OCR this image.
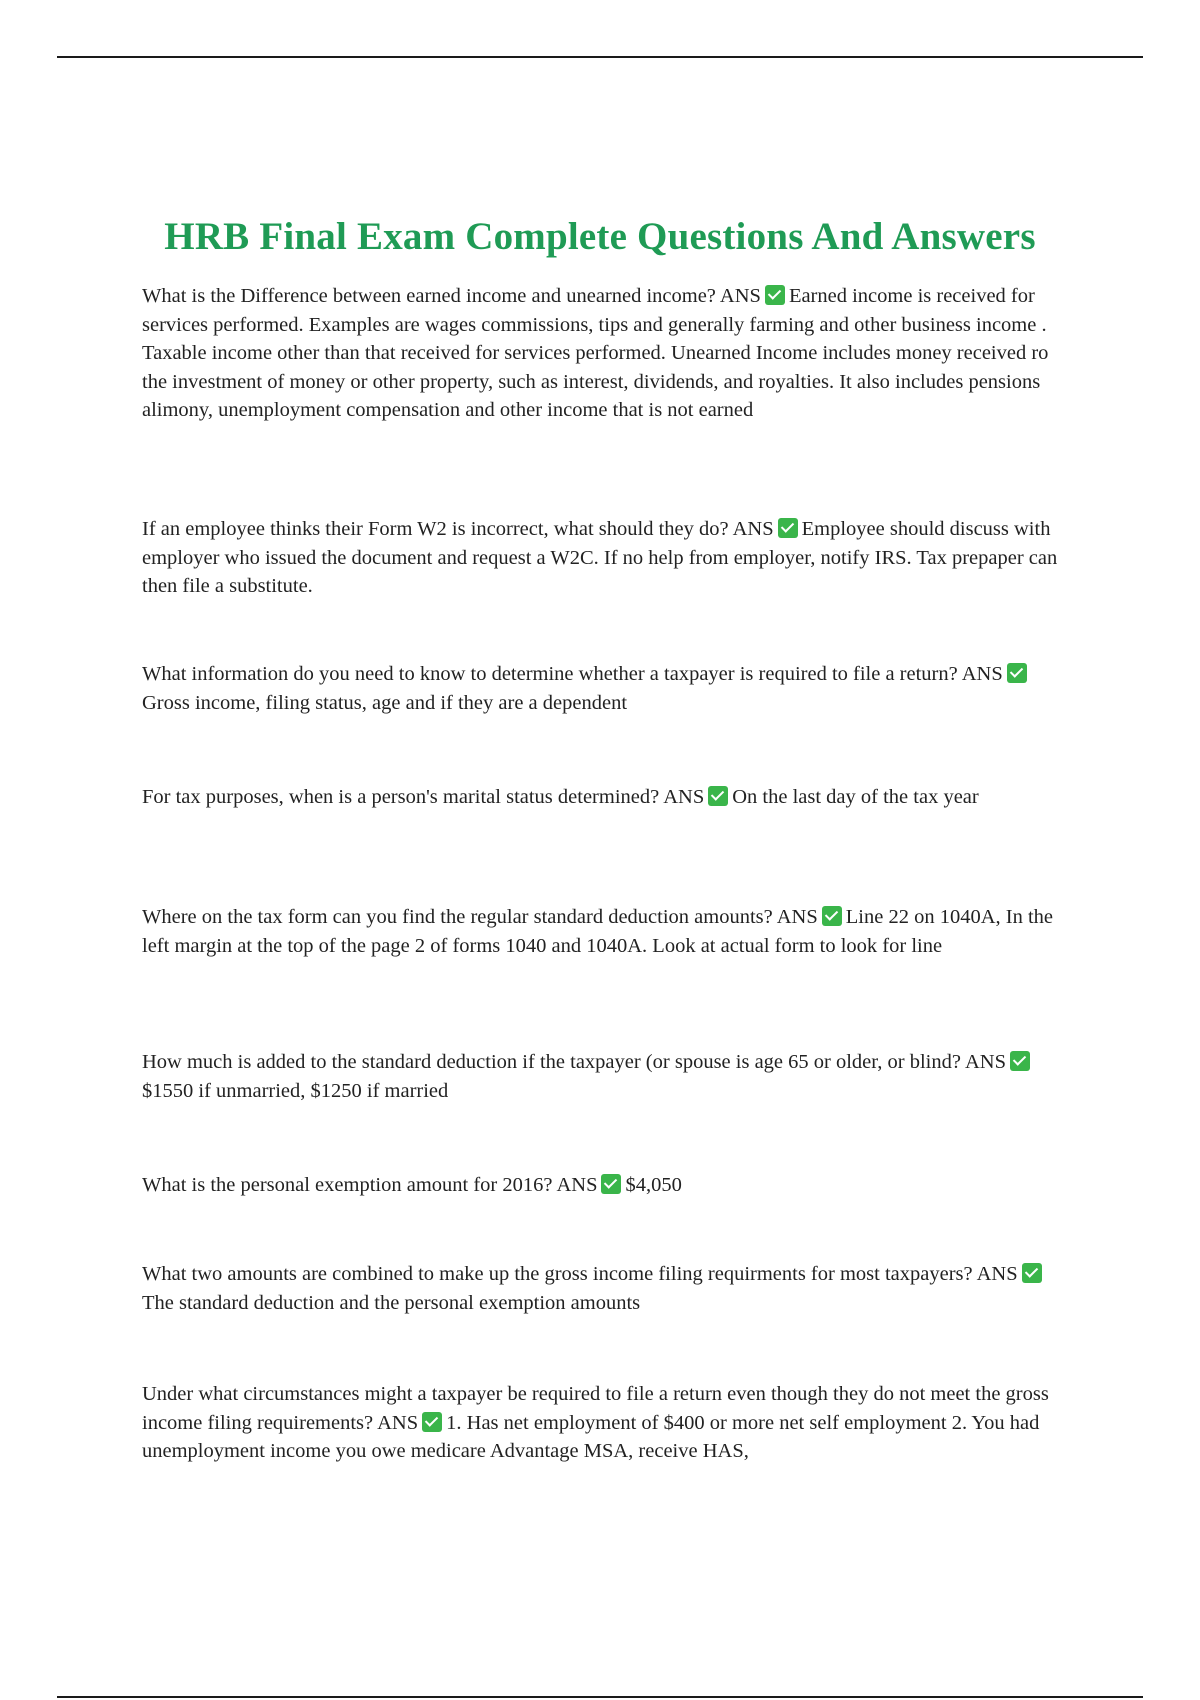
HRB Final Exam Complete Questions And Answers

What is the Difference between earned income and unearned income? ANS Earned income is received for services performed. Examples are wages commissions, tips and generally farming and other business income . Taxable income other than that received for services performed. Unearned Income includes money received ro the investment of money or other property, such as interest, dividends, and royalties. It also includes pensions alimony, unemployment compensation and other income that is not earned

If an employee thinks their Form W2 is incorrect, what should they do? ANS Employee should discuss with employer who issued the document and request a W2C. If no help from employer, notify IRS. Tax prepaper can then file a substitute.

What information do you need to know to determine whether a taxpayer is required to file a return? ANSGross income, filing status, age and if they are a dependent

For tax purposes, when is a person's marital status determined? ANS On the last day of the tax year

Where on the tax form can you find the regular standard deduction amounts? ANS Line 22 on 1040A, In the left margin at the top of the page 2 of forms 1040 and 1040A. Look at actual form to look for line

How much is added to the standard deduction if the taxpayer (or spouse is age 65 or older, or blind? ANS$1550 if unmarried, $1250 if married

What is the personal exemption amount for 2016? ANS $4,050

What two amounts are combined to make up the gross income filing requirments for most taxpayers? ANSThe standard deduction and the personal exemption amounts

Under what circumstances might a taxpayer be required to file a return even though they do not meet the gross income filing requirements? ANS 1. Has net employment of $400 or more net self employment 2. You had unemployment income you owe medicare Advantage MSA, receive HAS,
